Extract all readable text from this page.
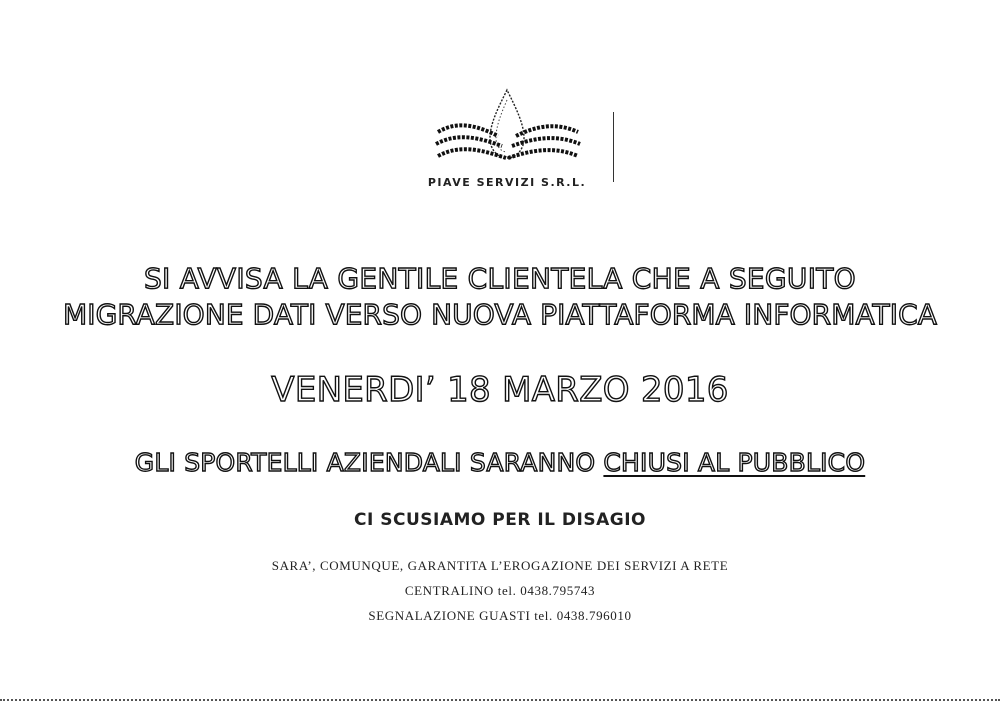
PIAVE SERVIZI S.R.L.
SI AVVISA LA GENTILE CLIENTELA CHE A SEGUITO
MIGRAZIONE DATI VERSO NUOVA PIATTAFORMA INFORMATICA
VENERDI’ 18 MARZO 2016
GLI SPORTELLI AZIENDALI SARANNO CHIUSI AL PUBBLICO
CI SCUSIAMO PER IL DISAGIO
SARA’, COMUNQUE, GARANTITA L’EROGAZIONE DEI SERVIZI A RETE
CENTRALINO tel. 0438.795743
SEGNALAZIONE GUASTI tel. 0438.796010
